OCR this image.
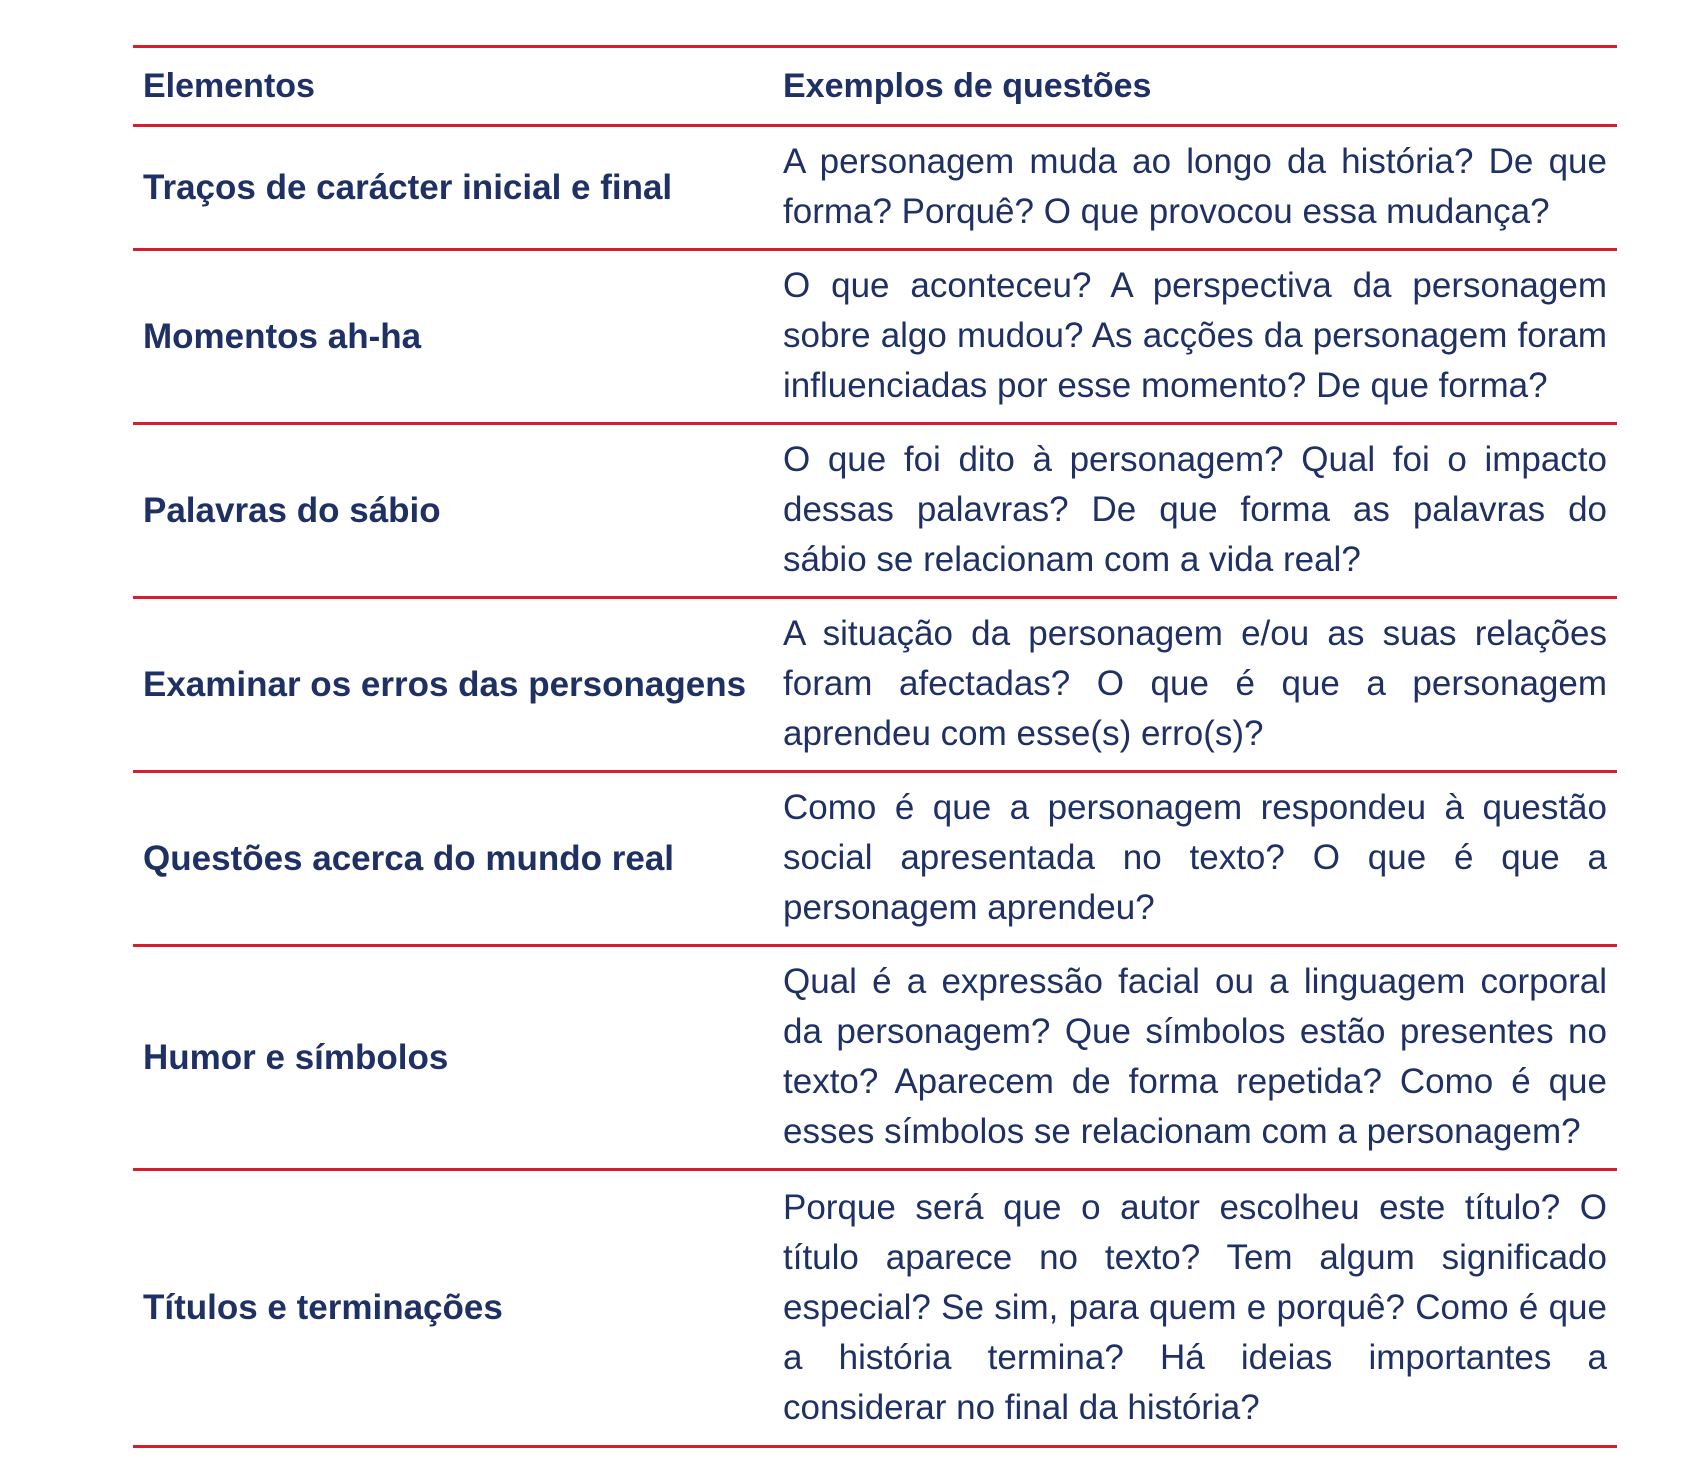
Elementos	Exemplos de questões
Traços de carácter inicial e final	A personagem muda ao longo da história? De que forma? Porquê? O que provocou essa mudança?
Momentos ah-ha	O que aconteceu? A perspectiva da personagem sobre algo mudou? As acções da personagem foram influenciadas por esse momento? De que forma?
Palavras do sábio	O que foi dito à personagem? Qual foi o impacto dessas palavras? De que forma as palavras do sábio se relacionam com a vida real?
Examinar os erros das personagens	A situação da personagem e/ou as suas relações foram afectadas? O que é que a personagem aprendeu com esse(s) erro(s)?
Questões acerca do mundo real	Como é que a personagem respondeu à questão social apresentada no texto? O que é que a personagem aprendeu?
Humor e símbolos	Qual é a expressão facial ou a linguagem corporal da personagem? Que símbolos estão presentes no texto? Aparecem de forma repetida? Como é que esses símbolos se relacionam com a personagem?
Títulos e terminações	Porque será que o autor escolheu este título? O título aparece no texto? Tem algum significado especial? Se sim, para quem e porquê? Como é que a história termina? Há ideias importantes a considerar no final da história?
